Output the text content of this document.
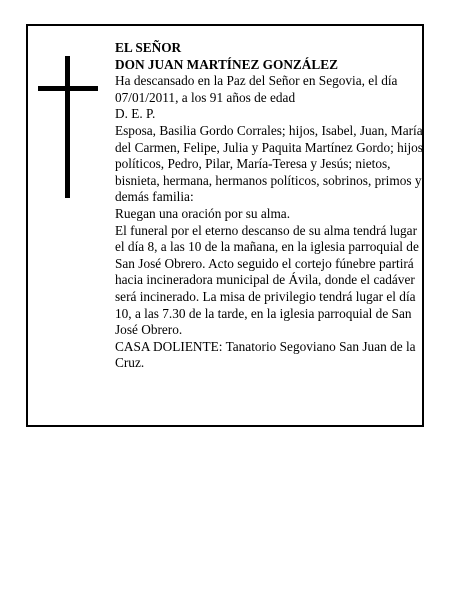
EL SEÑOR

DON JUAN MARTÍNEZ GONZÁLEZ

Ha descansado en la Paz del Señor en Segovia, el día 07/01/2011, a los 91 años de edad

D. E. P.

Esposa, Basilia Gordo Corrales; hijos, Isabel, Juan, María del Carmen, Felipe, Julia y Paquita Martínez Gordo; hijos políticos, Pedro, Pilar, María-Teresa y Jesús; nietos, bisnieta, hermana, hermanos políticos, sobrinos, primos y demás familia:

Ruegan una oración por su alma.

El funeral por el eterno descanso de su alma tendrá lugar el día 8, a las 10 de la mañana, en la iglesia parroquial de San José Obrero. Acto seguido el cortejo fúnebre partirá hacia incineradora municipal de Ávila, donde el cadáver será incinerado. La misa de privilegio tendrá lugar el día 10, a las 7.30 de la tarde, en la iglesia parroquial de San José Obrero.

CASA DOLIENTE: Tanatorio Segoviano San Juan de la Cruz.
